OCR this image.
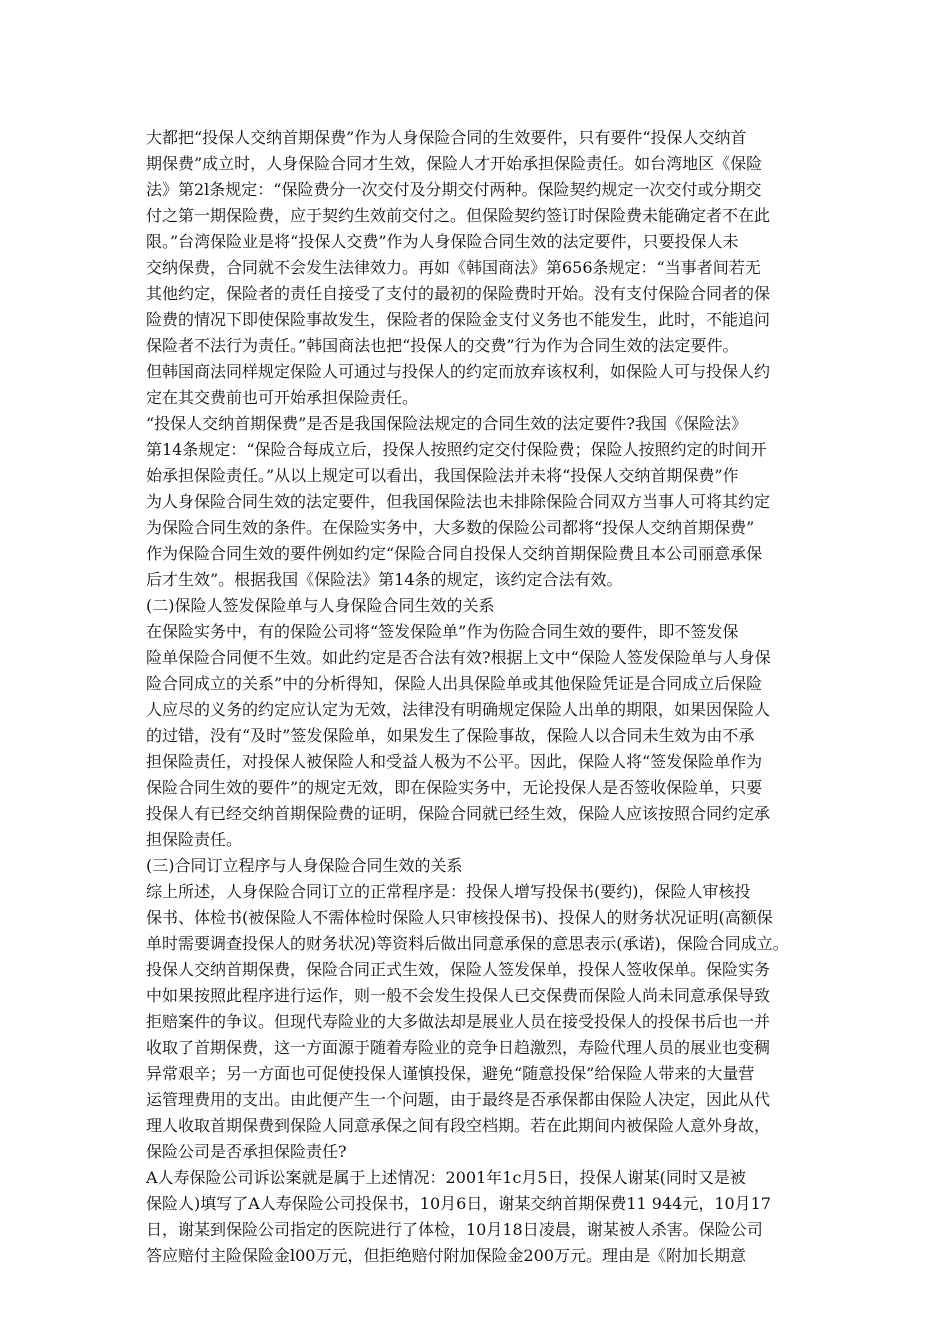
大都把“投保人交纳首期保费”作为人身保险合同的生效要件，只有要件“投保人交纳首
期保费”成立时，人身保险合同才生效，保险人才开始承担保险责任。如台湾地区《保险
法》第2l条规定：“保险费分一次交付及分期交付两种。保险契约规定一次交付或分期交
付之第一期保险费，应于契约生效前交付之。但保险契约签订时保险费未能确定者不在此
限。”台湾保险业是将“投保人交费”作为人身保险合同生效的法定要件，只要投保人未
交纳保费，合同就不会发生法律效力。再如《韩国商法》第656条规定：“当事者间若无
其他约定，保险者的责任自接受了支付的最初的保险费时开始。没有支付保险合同者的保
险费的情况下即使保险事故发生，保险者的保险金支付义务也不能发生，此时，不能追问
保险者不法行为责任。”韩国商法也把“投保人的交费”行为作为合同生效的法定要件。
但韩国商法同样规定保险人可通过与投保人的约定而放弃该权利，如保险人可与投保人约
定在其交费前也可开始承担保险责任。
“投保人交纳首期保费”是否是我国保险法规定的合同生效的法定要件?我国《保险法》
第14条规定：“保险合每成立后，投保人按照约定交付保险费；保险人按照约定的时间开
始承担保险责任。”从以上规定可以看出，我国保险法并未将“投保人交纳首期保费”作
为人身保险合同生效的法定要件，但我国保险法也未排除保险合同双方当事人可将其约定
为保险合同生效的条件。在保险实务中，大多数的保险公司都将“投保人交纳首期保费”
作为保险合同生效的要件例如约定“保险合同自投保人交纳首期保险费且本公司丽意承保
后才生效”。根据我国《保险法》第14条的规定，该约定合法有效。
(二)保险人签发保险单与人身保险合同生效的关系
在保险实务中，有的保险公司将“签发保险单”作为伤险合同生效的要件，即不签发保
险单保险合同便不生效。如此约定是否合法有效?根据上文中“保险人签发保险单与人身保
险合同成立的关系”中的分析得知，保险人出具保险单或其他保险凭证是合同成立后保险
人应尽的义务的约定应认定为无效，法律没有明确规定保险人出单的期限，如果因保险人
的过错，没有“及时”签发保险单，如果发生了保险事故，保险人以合同未生效为由不承
担保险责任，对投保人被保险人和受益人极为不公平。因此，保险人将“签发保险单作为
保险合同生效的要件”的规定无效，即在保险实务中，无论投保人是否签收保险单，只要
投保人有已经交纳首期保险费的证明，保险合同就已经生效，保险人应该按照合同约定承
担保险责任。
(三)合同订立程序与人身保险合同生效的关系
综上所述，人身保险合同订立的正常程序是：投保人增写投保书(要约)，保险人审核投
保书、体检书(被保险人不需体检时保险人只审核投保书)、投保人的财务状况证明(高额保
单时需要调查投保人的财务状况)等资料后做出同意承保的意思表示(承诺)，保险合同成立。
投保人交纳首期保费，保险合同正式生效，保险人签发保单，投保人签收保单。保险实务
中如果按照此程序进行运作，则一般不会发生投保人已交保费而保险人尚未同意承保导致
拒赔案件的争议。但现代寿险业的大多做法却是展业人员在接受投保人的投保书后也一并
收取了首期保费，这一方面源于随着寿险业的竞争日趋激烈，寿险代理人员的展业也变稠
异常艰辛；另一方面也可促使投保人谨慎投保，避免“随意投保”给保险人带来的大量营
运管理费用的支出。由此便产生一个问题，由于最终是否承保都由保险人决定，因此从代
理人收取首期保费到保险人同意承保之间有段空档期。若在此期间内被保险人意外身故，
保险公司是否承担保险责任?
A人寿保险公司诉讼案就是属于上述情况：2001年1c月5日，投保人谢某(同时又是被
保险人)填写了A人寿保险公司投保书，10月6日，谢某交纳首期保费11 944元，10月17
日，谢某到保险公司指定的医院进行了体检，10月18日凌晨，谢某被人杀害。保险公司
答应赔付主险保险金l00万元，但拒绝赔付附加保险金200万元。理由是《附加长期意
